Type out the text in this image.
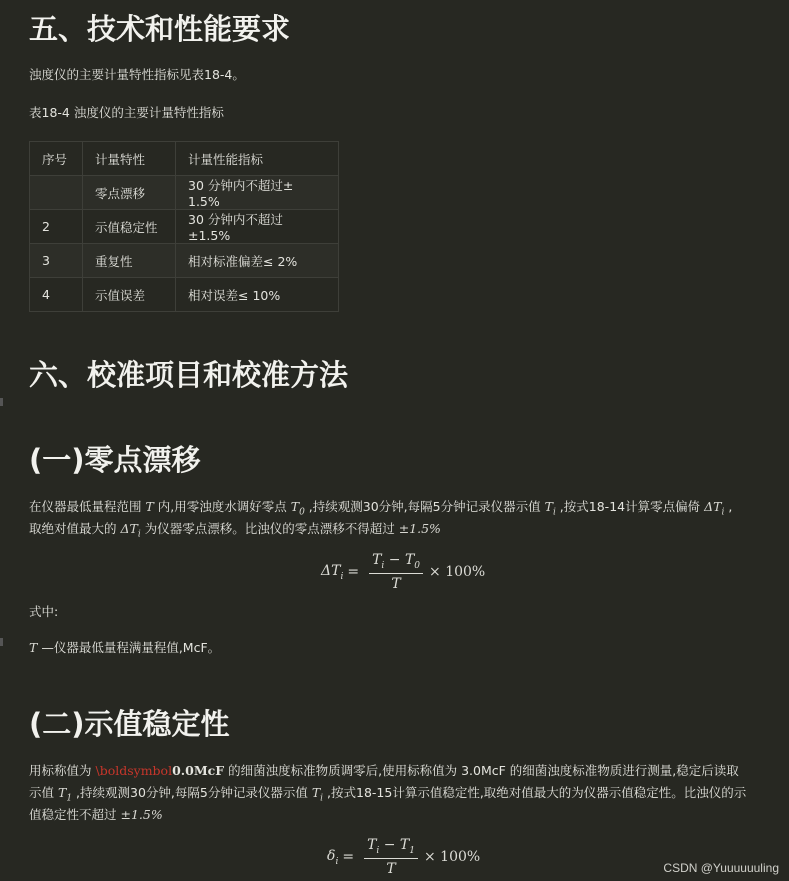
五、技术和性能要求

浊度仪的主要计量特性指标见表18-4。

表18-4 浊度仪的主要计量特性指标

序号	计量特性	计量性能指标
	零点漂移	30 分钟内不超过± 1.5%
2	示值稳定性	30 分钟内不超过 ±1.5%
3	重复性	相对标准偏差≤ 2%
4	示值误差	相对误差≤ 10%
六、校准项目和校准方法
(一)零点漂移

在仪器最低量程范围 T 内,用零浊度水调好零点 $T_0$ ,持续观测30分钟,每隔5分钟记录仪器示值 $T_i$ ,按式18-14计算零点偏倚 $\Delta T_i$ ,

取绝对值最大的 $\Delta T_i$ 为仪器零点漂移。比浊仪的零点漂移不得超过 ±1.5%

$\Delta T_i = \frac{T_i - T_0}{T} \times 100\%$

式中:

T —仪器最低量程满量程值,McF。

(二)示值稳定性

用标称值为 \boldsymbol0.0McF 的细菌浊度标准物质调零后,使用标称值为 3.0McF 的细菌浊度标准物质进行测量,稳定后读取

示值 $T_1$ ,持续观测30分钟,每隔5分钟记录仪器示值 $T_i$ ,按式18-15计算示值稳定性,取绝对值最大的为仪器示值稳定性。比浊仪的示

值稳定性不超过 ±1.5%

$\delta_i = \frac{T_i - T_1}{T} \times 100\%$
CSDN @Yuuuuuuling
